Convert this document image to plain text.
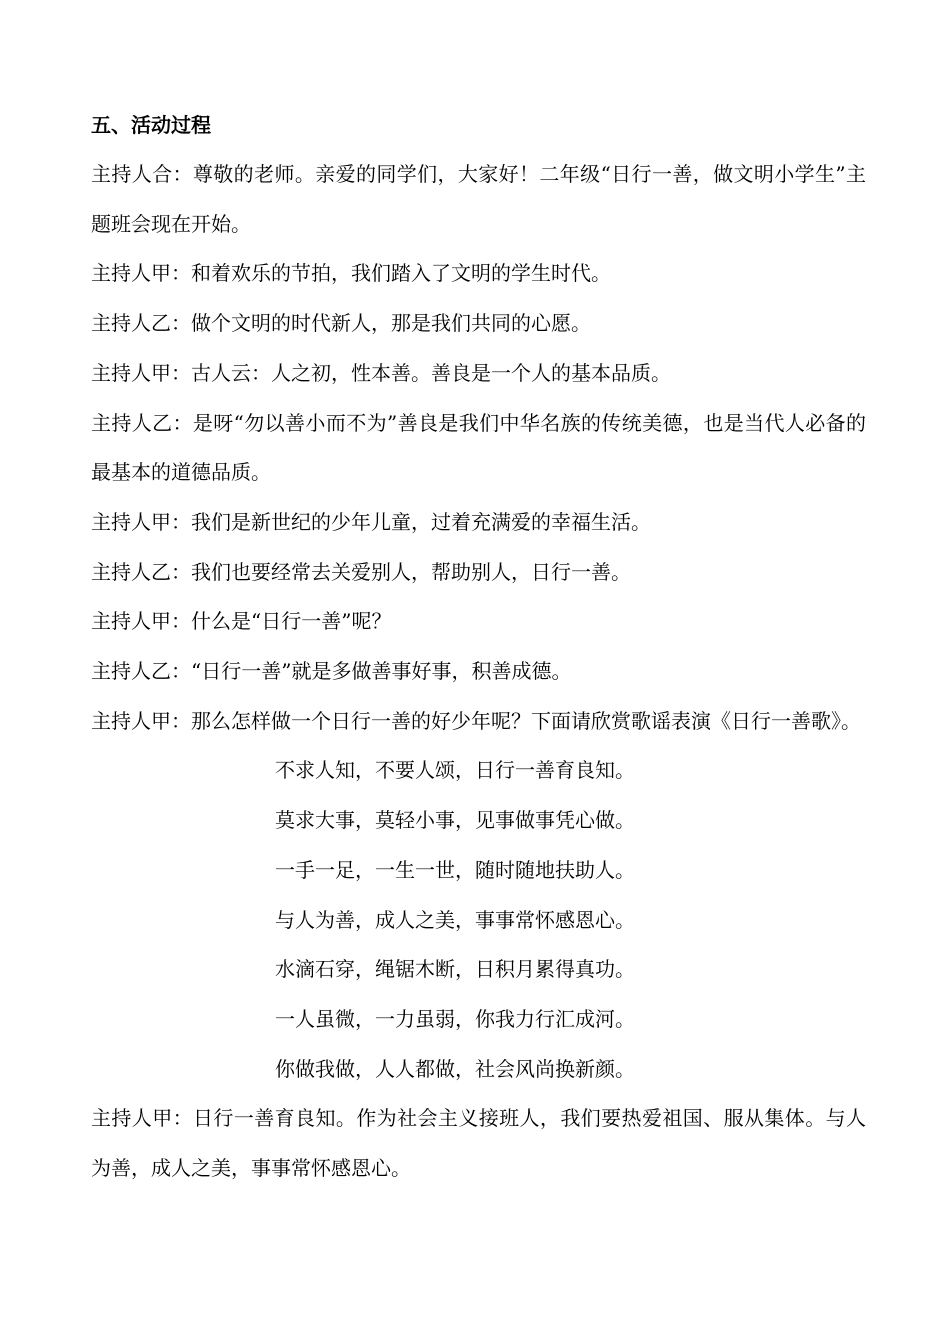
五、活动过程

主持人合：尊敬的老师。亲爱的同学们，大家好！二年级“日行一善，做文明小学生”主题班会现在开始。

主持人甲：和着欢乐的节拍，我们踏入了文明的学生时代。

主持人乙：做个文明的时代新人，那是我们共同的心愿。

主持人甲：古人云：人之初，性本善。善良是一个人的基本品质。

主持人乙：是呀“勿以善小而不为”善良是我们中华名族的传统美德，也是当代人必备的最基本的道德品质。

主持人甲：我们是新世纪的少年儿童，过着充满爱的幸福生活。

主持人乙：我们也要经常去关爱别人，帮助别人，日行一善。

主持人甲：什么是“日行一善”呢？

主持人乙：“日行一善”就是多做善事好事，积善成德。

主持人甲：那么怎样做一个日行一善的好少年呢？下面请欣赏歌谣表演《日行一善歌》。

不求人知，不要人颂，日行一善育良知。
莫求大事，莫轻小事，见事做事凭心做。
一手一足，一生一世，随时随地扶助人。
与人为善，成人之美，事事常怀感恩心。
水滴石穿，绳锯木断，日积月累得真功。
一人虽微，一力虽弱，你我力行汇成河。
你做我做，人人都做，社会风尚换新颜。

主持人甲：日行一善育良知。作为社会主义接班人，我们要热爱祖国、服从集体。与人为善，成人之美，事事常怀感恩心。
